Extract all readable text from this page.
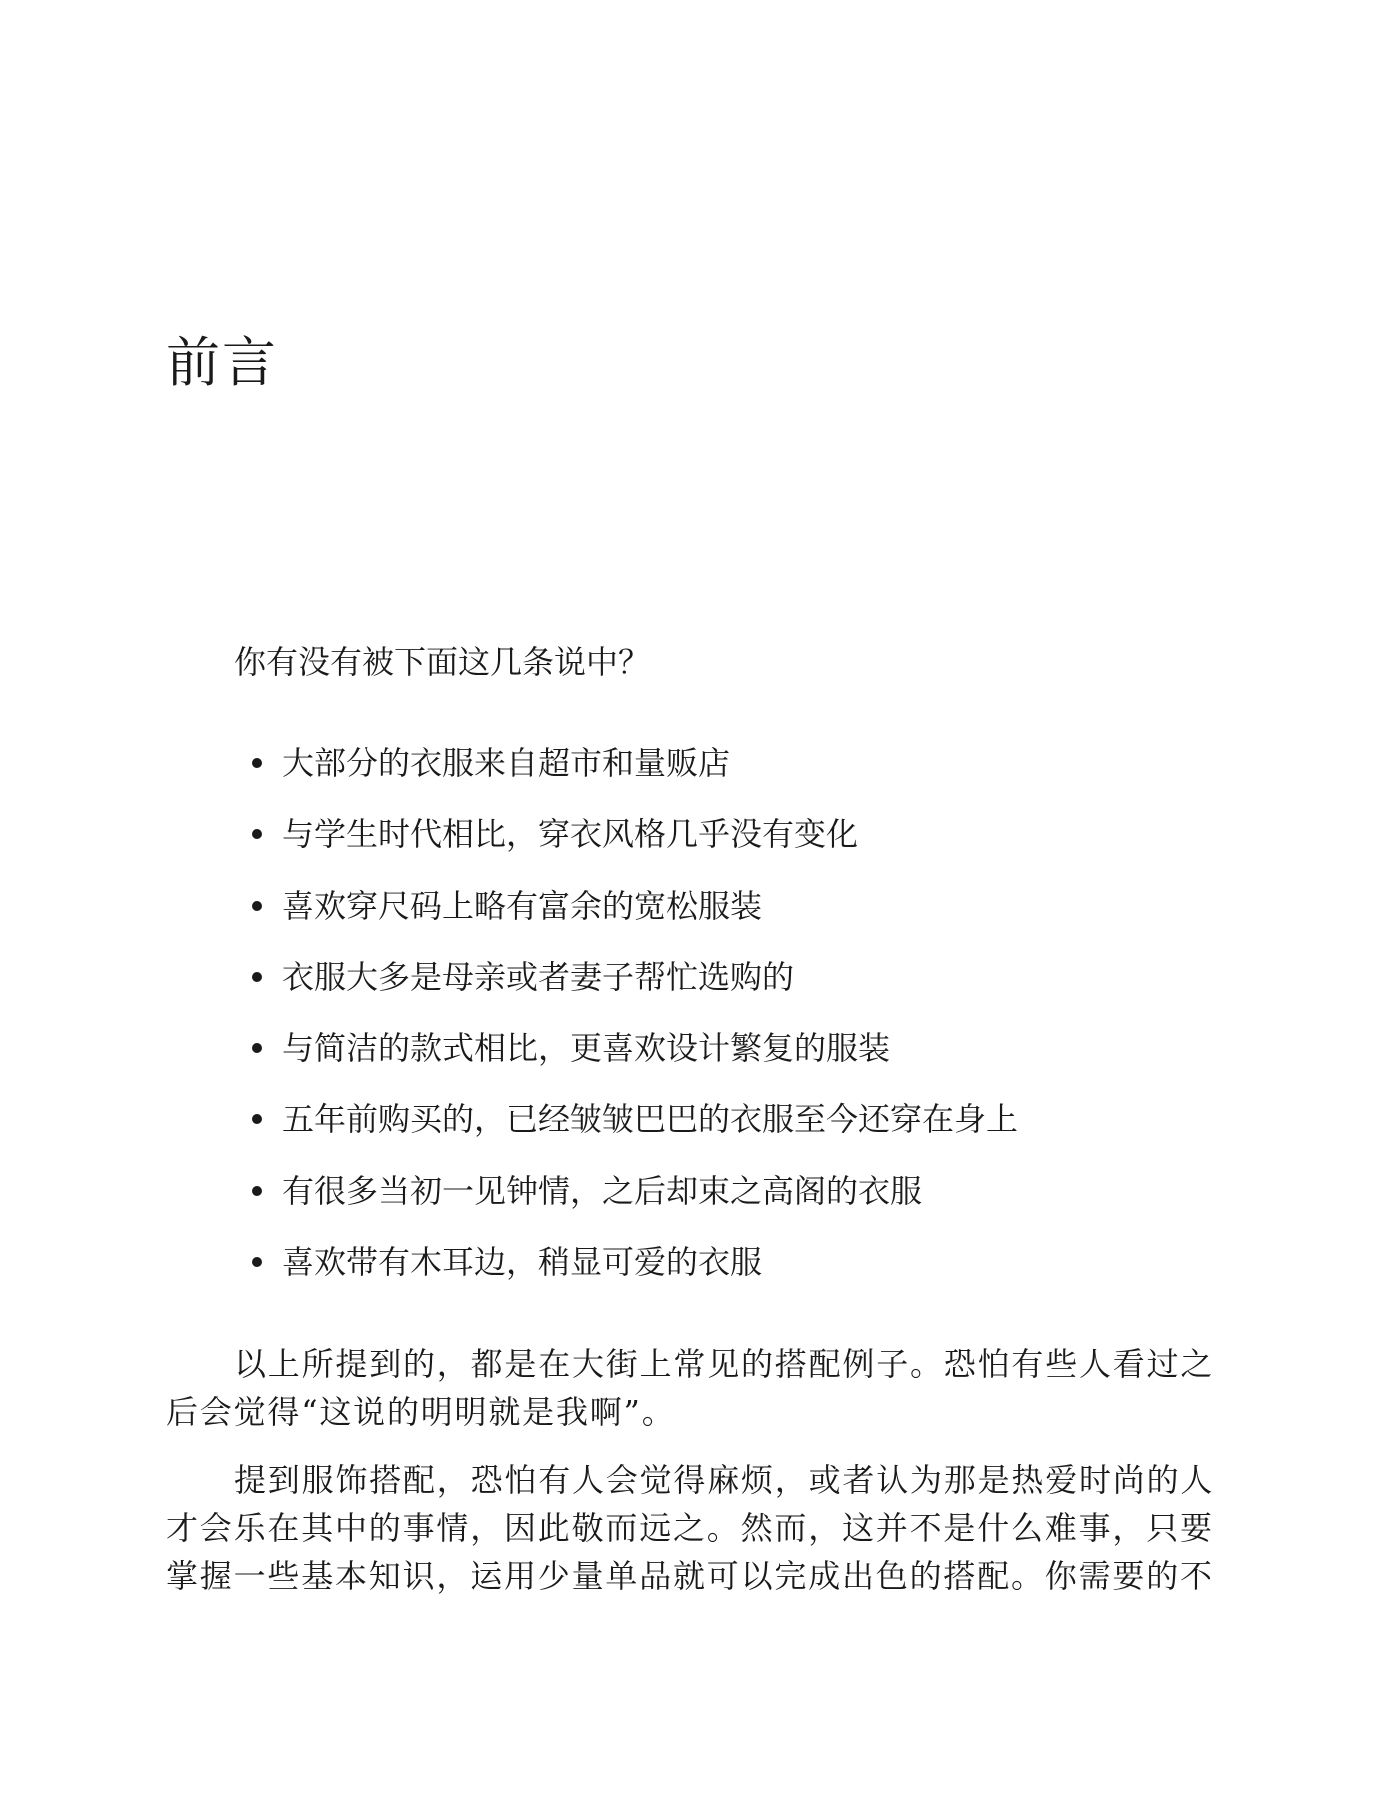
前言

你有没有被下面这几条说中？

大部分的衣服来自超市和量贩店
与学生时代相比，穿衣风格几乎没有变化
喜欢穿尺码上略有富余的宽松服装
衣服大多是母亲或者妻子帮忙选购的
与简洁的款式相比，更喜欢设计繁复的服装
五年前购买的，已经皱皱巴巴的衣服至今还穿在身上
有很多当初一见钟情，之后却束之高阁的衣服
喜欢带有木耳边，稍显可爱的衣服

以上所提到的，都是在大街上常见的搭配例子。恐怕有些人看过之后会觉得“这说的明明就是我啊”。

提到服饰搭配，恐怕有人会觉得麻烦，或者认为那是热爱时尚的人才会乐在其中的事情，因此敬而远之。然而，这并不是什么难事，只要掌握一些基本知识，运用少量单品就可以完成出色的搭配。你需要的不
